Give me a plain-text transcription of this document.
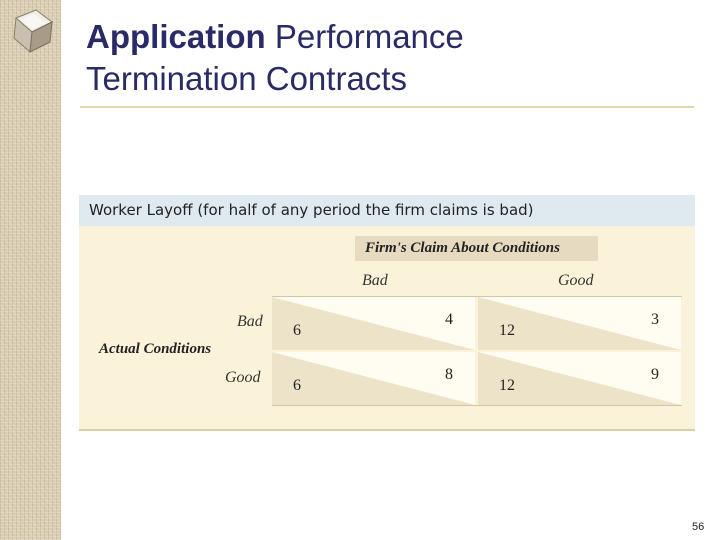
Application Performance
Termination Contracts
Worker Layoff (for half of any period the firm claims is bad)
Firm's Claim About Conditions
Bad	Good
Actual Conditions
Bad
Good
6
4
12
3
6
8
12
9
56
